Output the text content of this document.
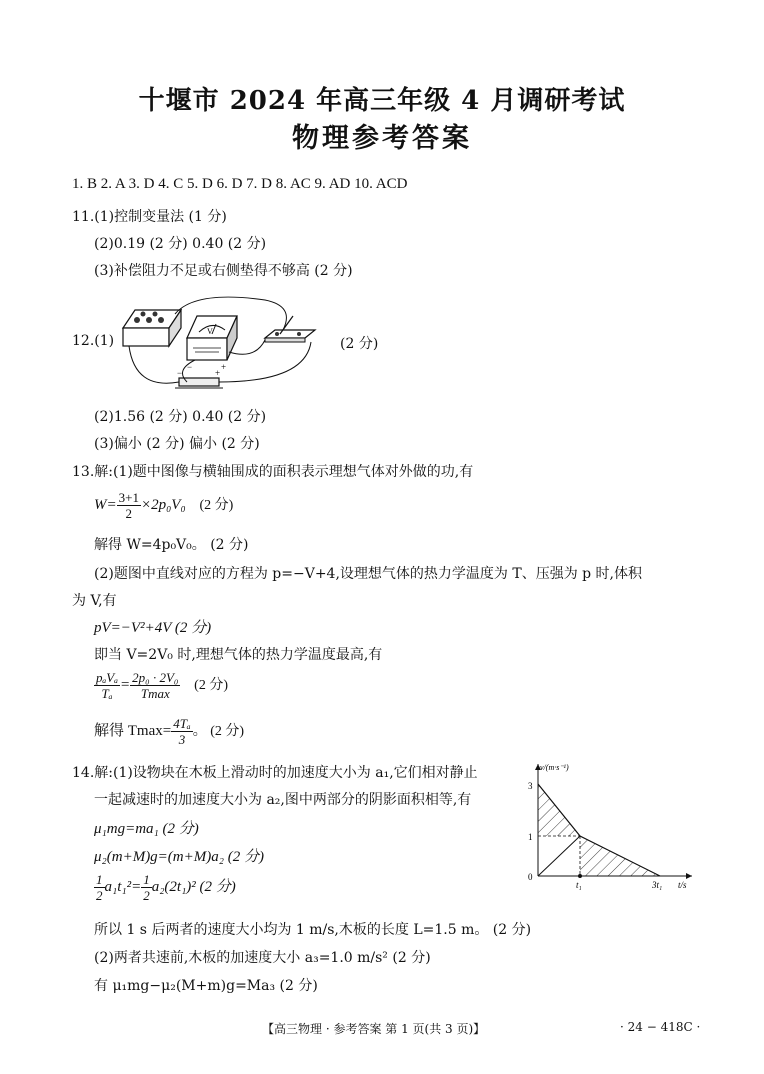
十堰市 2024 年高三年级 4 月调研考试
物理参考答案
1. B 2. A 3. D 4. C 5. D 6. D 7. D 8. AC 9. AD 10. ACD
11.(1)控制变量法 (1 分)
(2)0.19 (2 分) 0.40 (2 分)
(3)补偿阻力不足或右侧垫得不够高 (2 分)
12.(1)
V
−	+
−	+
(2 分)
(2)1.56 (2 分) 0.40 (2 分)
(3)偏小 (2 分) 偏小 (2 分)
13.解:(1)题中图像与横轴围成的面积表示理想气体对外做的功,有
$W= \frac{3+1}{2} \times 2p_0V_0$ (2 分)
解得 W=4p₀V₀。 (2 分)
(2)题图中直线对应的方程为 p=−V+4,设理想气体的热力学温度为 T、压强为 p 时,体积
为 V,有
pV=−V²+4V (2 分)
即当 V=2V₀ 时,理想气体的热力学温度最高,有
$\frac{\text{pₐVₐ}}{\text{Tₐ}} = \frac{\text{2p₀ · 2V₀}}{Tmax} (2$ 分)
解得 $Tmax= \frac{\text{4Tₐ}}{3}$ 。 (2 分)
14.解:(1)设物块在木板上滑动时的加速度大小为 a₁,它们相对静止
一起减速时的加速度大小为 a₂,图中两部分的阴影面积相等,有
μ₁mg=ma₁ (2 分)
μ₂(m+M)g=(m+M)a₂ (2 分)
$\frac{1}{2} a_1t_1^2= \frac{1}{2} a_2(2t_1)^2$ (2 分)
所以 1 s 后两者的速度大小均为 1 m/s,木板的长度 L=1.5 m。 (2 分)
(2)两者共速前,木板的加速度大小 a₃=1.0 m/s² (2 分)
有 μ₁mg−μ₂(M+m)g=Ma₃ (2 分)
v/(m·s⁻¹)
t/s
3
1
0
t₁	3t₁
【高三物理 · 参考答案 第 1 页(共 3 页)】	· 24 − 418C ·
